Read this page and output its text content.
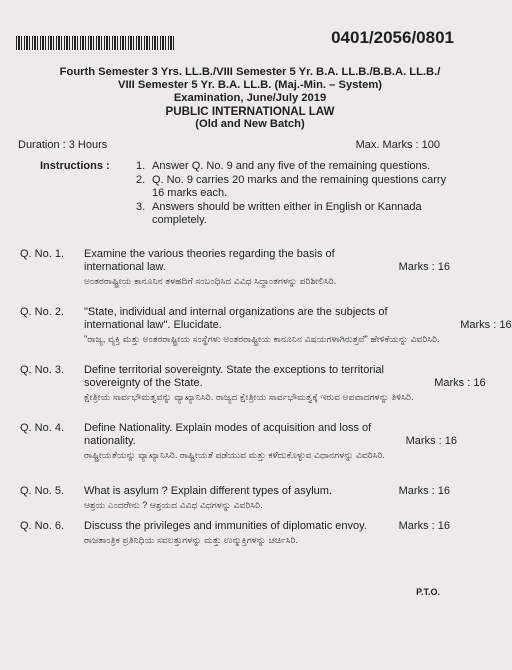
0401/2056/0801
Fourth Semester 3 Yrs. LL.B./VIII Semester 5 Yr. B.A. LL.B./B.B.A. LL.B./
VIII Semester 5 Yr. B.A. LL.B. (Maj.-Min. – System)
Examination, June/July 2019
PUBLIC INTERNATIONAL LAW
(Old and New Batch)
Duration : 3 Hours	Max. Marks : 100
Instructions :	1. Answer Q. No. 9 and any five of the remaining questions.
2. Q. No. 9 carries 20 marks and the remaining questions carry 16 marks each.
3. Answers should be written either in English or Kannada completely.
Q. No. 1.	Examine the various theories regarding the basis of international law.	Marks : 16
ಅಂತರರಾಷ್ಟ್ರೀಯ ಕಾನೂನಿನ ತಳಹದಿಗೆ ಸಂಬಂಧಿಸಿದ ವಿವಿಧ ಸಿದ್ಧಾಂತಗಳನ್ನು ಪರಿಶೀಲಿಸಿರಿ.
Q. No. 2.	"State, individual and internal organizations are the subjects of international law". Elucidate.	Marks : 16
"ರಾಜ್ಯ, ವ್ಯಕ್ತಿ ಮತ್ತು ಅಂತರರಾಷ್ಟ್ರೀಯ ಸಂಸ್ಥೆಗಳು ಅಂತರರಾಷ್ಟ್ರೀಯ ಕಾನೂನಿನ ವಿಷಯಗಳಾಗಿರುತ್ತವೆ" ಹೇಳಿಕೆಯನ್ನು ವಿವರಿಸಿರಿ.
Q. No. 3.	Define territorial sovereignty. State the exceptions to territorial sovereignty of the State.	Marks : 16
ಕ್ಷೇತ್ರೀಯ ಸಾರ್ವಭೌಮತ್ವವನ್ನು ವ್ಯಾಖ್ಯಾನಿಸಿರಿ. ರಾಜ್ಯದ ಕ್ಷೇತ್ರೀಯ ಸಾರ್ವಭೌಮತ್ವಕ್ಕೆ ಇರುವ ಅಪವಾದಗಳನ್ನು ತಿಳಿಸಿರಿ.
Q. No. 4.	Define Nationality. Explain modes of acquisition and loss of nationality.	Marks : 16
ರಾಷ್ಟ್ರೀಯತೆಯನ್ನು ವ್ಯಾಖ್ಯಾನಿಸಿರಿ. ರಾಷ್ಟ್ರೀಯತೆ ಪಡೆಯುವ ಮತ್ತು ಕಳೆದುಕೊಳ್ಳುವ ವಿಧಾನಗಳನ್ನು ವಿವರಿಸಿರಿ.
Q. No. 5.	What is asylum ? Explain different types of asylum.	Marks : 16
ಆಶ್ರಯ ಎಂದರೇನು ? ಆಶ್ರಯದ ವಿವಿಧ ವಿಧಗಳನ್ನು ವಿವರಿಸಿರಿ.
Q. No. 6.	Discuss the privileges and immunities of diplomatic envoy.	Marks : 16
ರಾಜತಾಂತ್ರಿಕ ಪ್ರತಿನಿಧಿಯ ಸವಲತ್ತುಗಳನ್ನು ಮತ್ತು ಉನ್ಮುಕ್ತಿಗಳನ್ನು ಚರ್ಚಿಸಿರಿ.
P.T.O.
